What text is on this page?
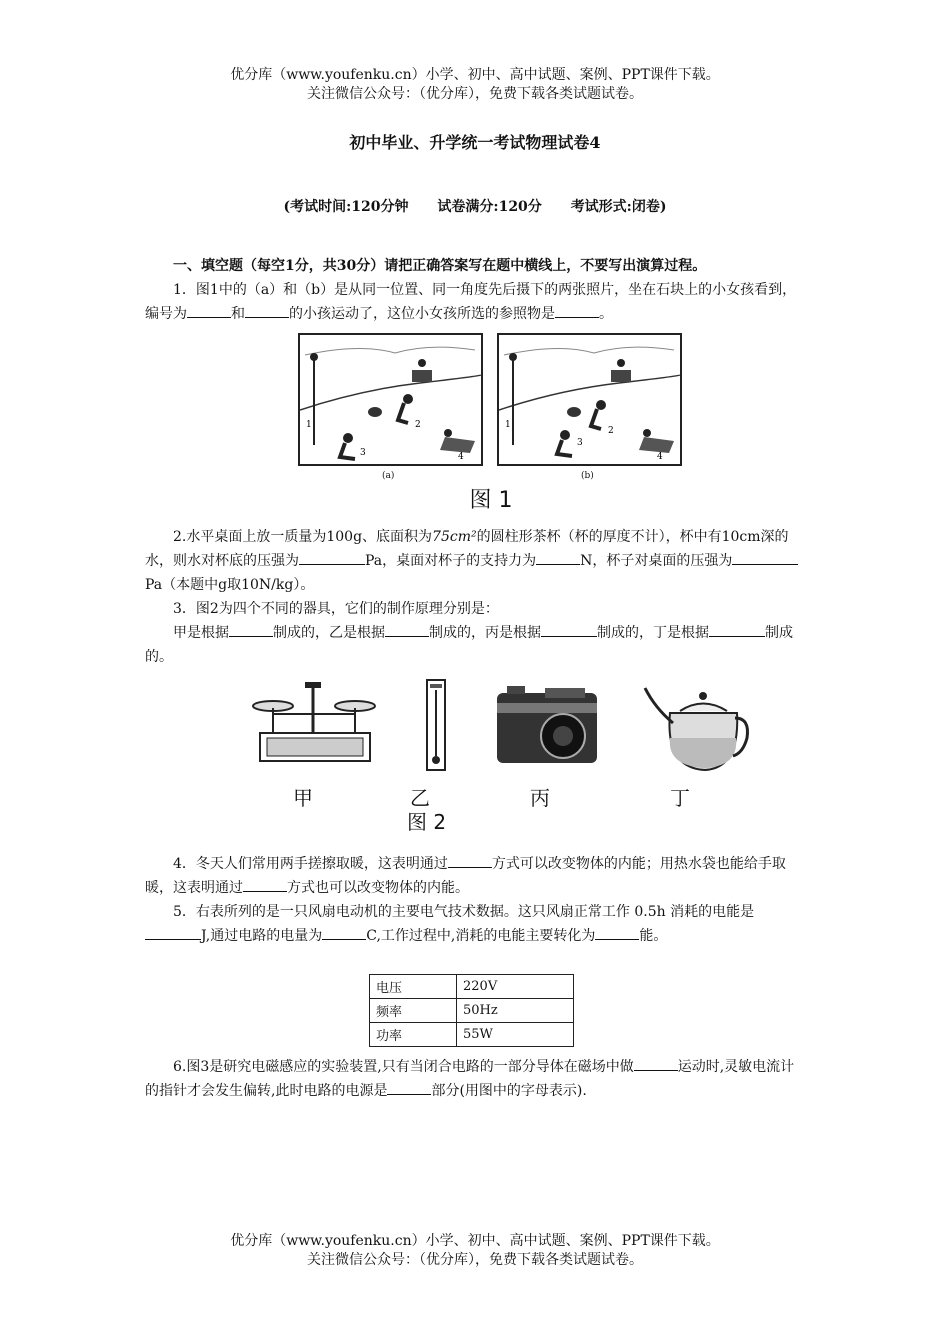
优分库（www.youfenku.cn）小学、初中、高中试题、案例、PPT课件下载。

关注微信公众号：（优分库），免费下载各类试题试卷。

初中毕业、升学统一考试物理试卷4
(考试时间:120分钟 试卷满分:120分 考试形式:闭卷)

一、填空题（每空1分，共30分）请把正确答案写在题中横线上，不要写出演算过程。

1．图1中的（a）和（b）是从同一位置、同一角度先后摄下的两张照片，坐在石块上的小女孩看到，编号为	和	的小孩运动了，这位小女孩所选的参照物是	。

1	2
3	4
1
2
3
4
(a)	(b)
图 1

2.水平桌面上放一质量为100g、底面积为75cm²的圆柱形茶杯（杯的厚度不计），杯中有10cm深的水，则水对杯底的压强为	Pa，桌面对杯子的支持力为	N，杯子对桌面的压强为Pa（本题中g取10N/kg）。

3．图2为四个不同的器具，它们的制作原理分别是：

甲是根据	制成的，乙是根据	制成的，丙是根据	制成的，丁是根据	制成的。

甲	乙	丙	丁
图 2

4．冬天人们常用两手搓擦取暖，这表明通过	方式可以改变物体的内能；用热水袋也能给手取暖，这表明通过	方式也可以改变物体的内能。

5．右表所列的是一只风扇电动机的主要电气技术数据。这只风扇正常工作 0.5h 消耗的电能是J,通过电路的电量为	C,工作过程中,消耗的电能主要转化为	能。

电压	220V
频率	50Hz
功率	55W

6.图3是研究电磁感应的实验装置,只有当闭合电路的一部分导体在磁场中做	运动时,灵敏电流计的指针才会发生偏转,此时电路的电源是	部分(用图中的字母表示).

优分库（www.youfenku.cn）小学、初中、高中试题、案例、PPT课件下载。

关注微信公众号：（优分库），免费下载各类试题试卷。
